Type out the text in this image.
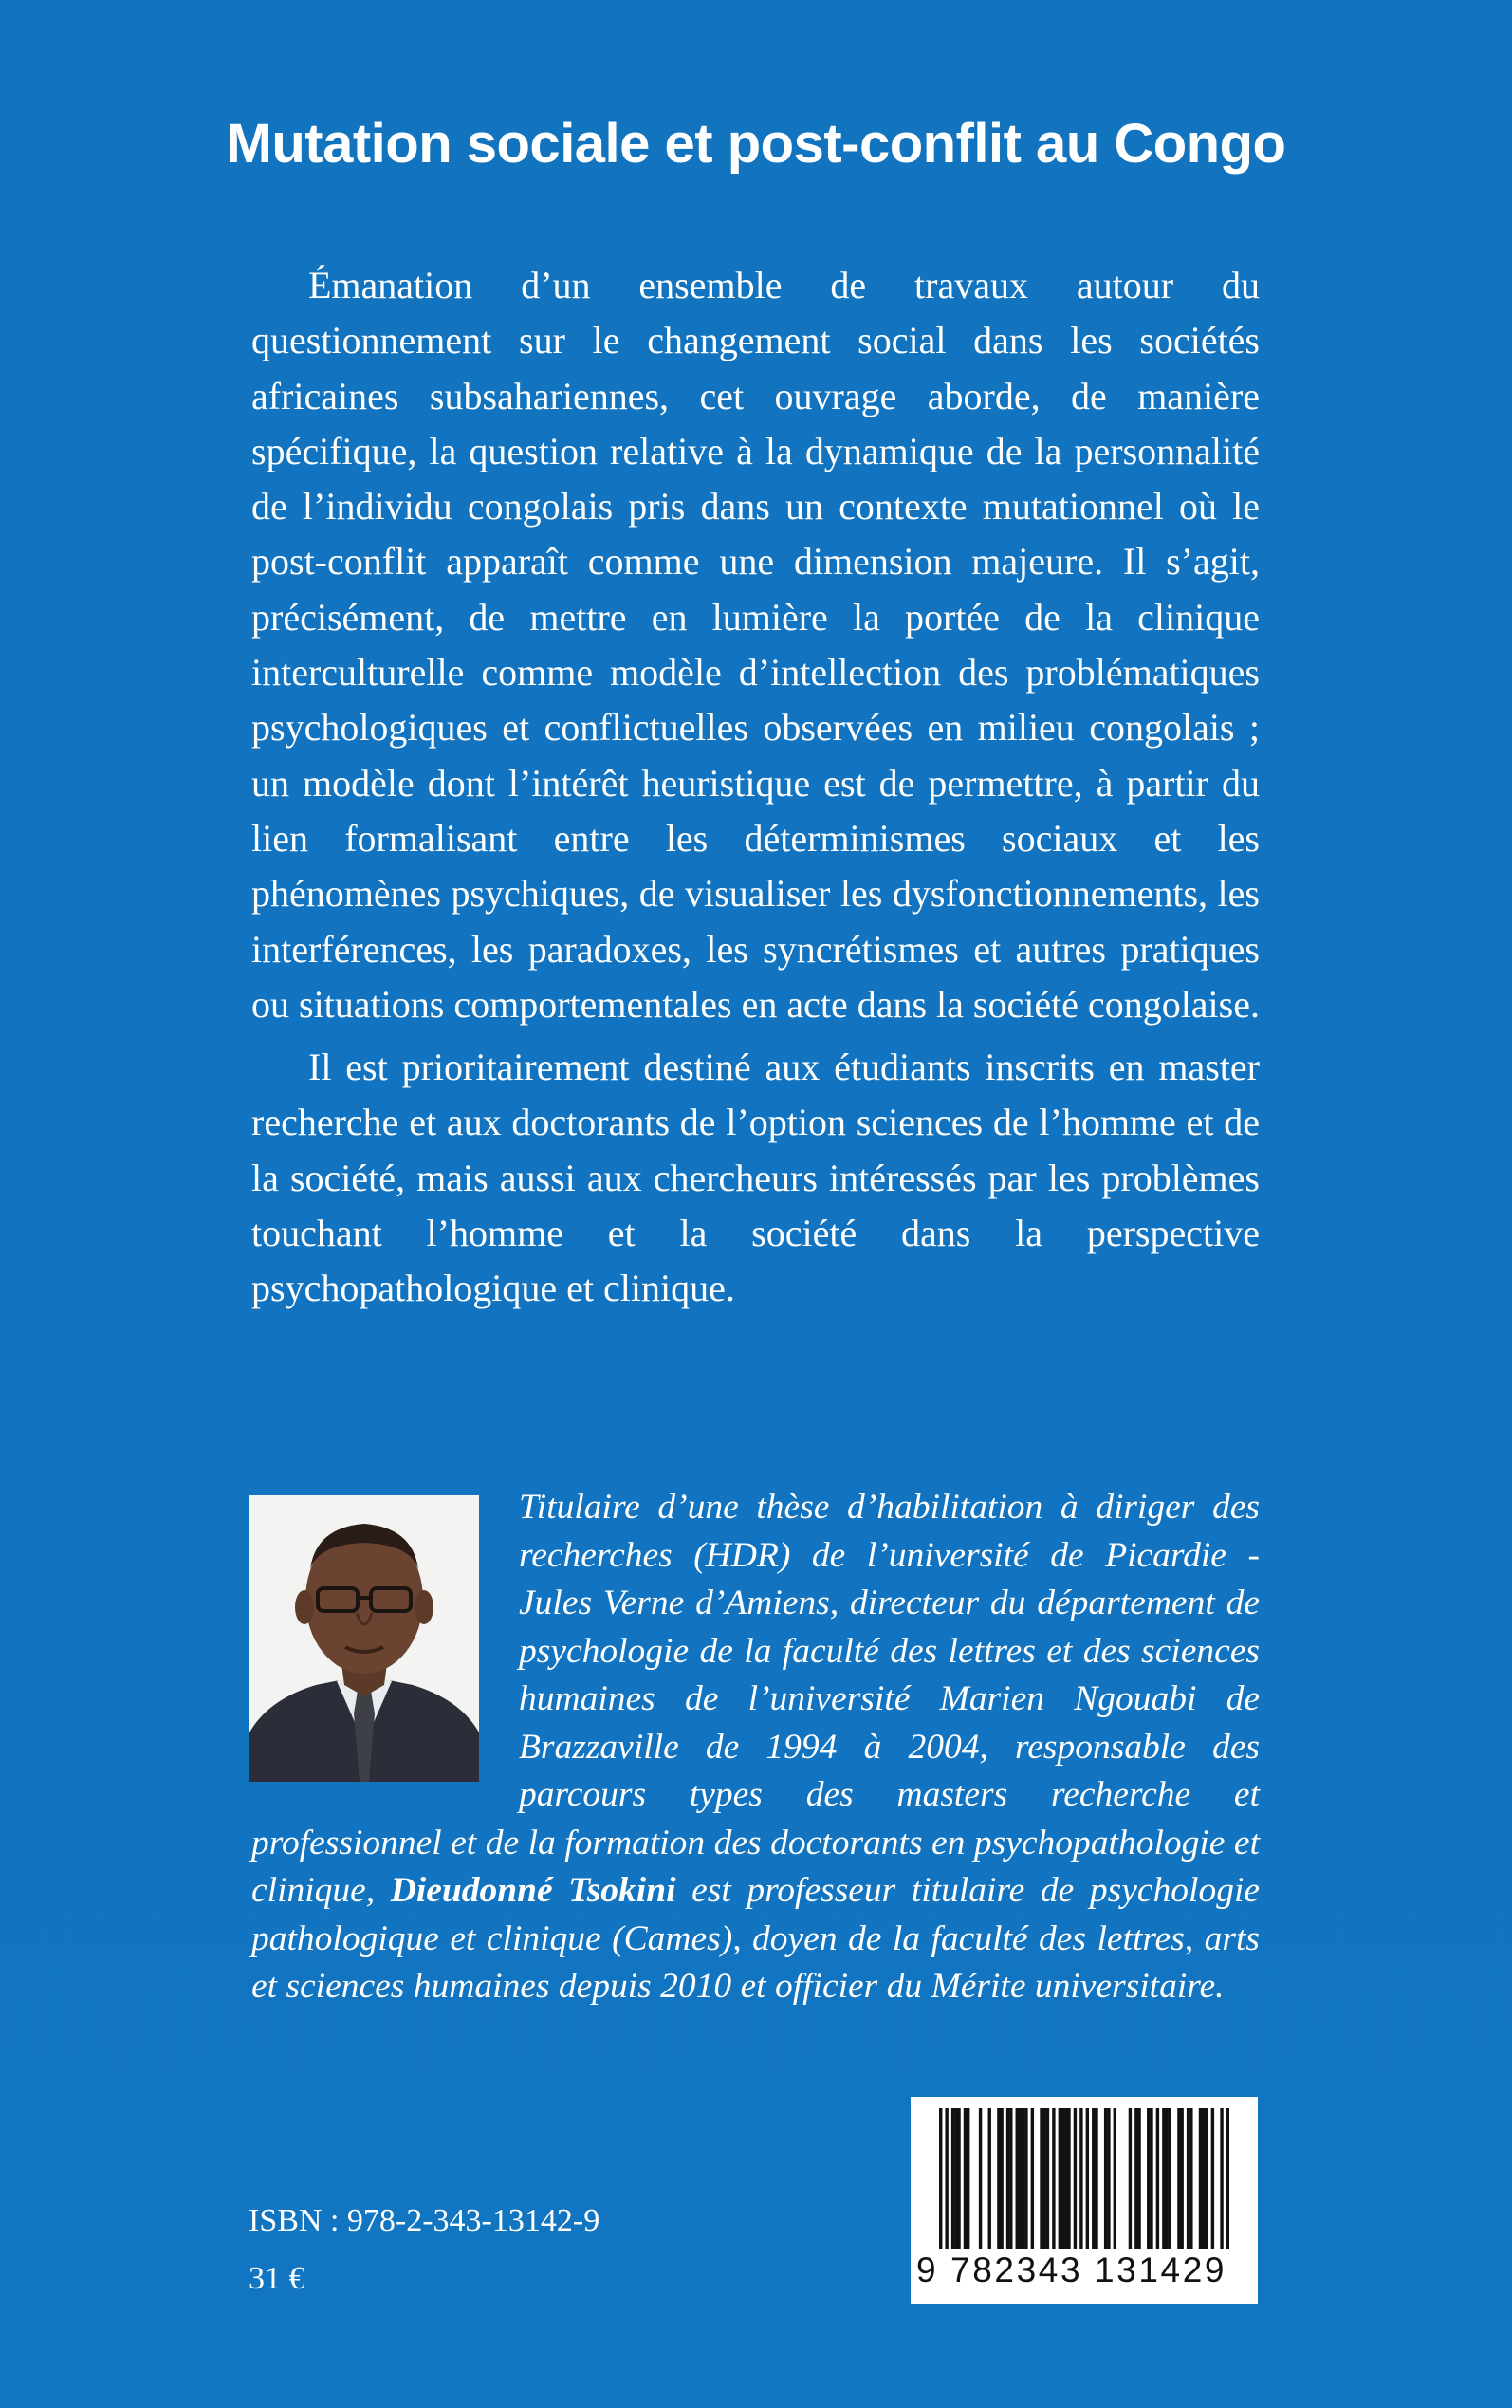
Mutation sociale et post-conflit au Congo

Émanation d’un ensemble de travaux autour du questionnement sur le changement social dans les sociétés africaines subsahariennes, cet ouvrage aborde, de manière spécifique, la question relative à la dynamique de la personnalité de l’individu congolais pris dans un contexte mutationnel où le post-conflit apparaît comme une dimension majeure. Il s’agit, précisément, de mettre en lumière la portée de la clinique interculturelle comme modèle d’intellection des problématiques psychologiques et conflictuelles observées en milieu congolais ; un modèle dont l’intérêt heuristique est de permettre, à partir du lien formalisant entre les déterminismes sociaux et les phénomènes psychiques, de visualiser les dysfonctionnements, les interférences, les paradoxes, les syncrétismes et autres pratiques ou situations comportementales en acte dans la société congolaise.

Il est prioritairement destiné aux étudiants inscrits en master recherche et aux doctorants de l’option sciences de l’homme et de la société, mais aussi aux chercheurs intéressés par les problèmes touchant l’homme et la société dans la perspective psychopathologique et clinique.

Titulaire d’une thèse d’habilitation à diriger des recherches (HDR) de l’université de Picardie - Jules Verne d’Amiens, directeur du département de psychologie de la faculté des lettres et des sciences humaines de l’université Marien Ngouabi de Brazzaville de 1994 à 2004, responsable des parcours types des masters recherche et professionnel et de la formation des doctorants en psychopathologie et clinique, Dieudonné Tsokini est professeur titulaire de psychologie pathologique et clinique (Cames), doyen de la faculté des lettres, arts et sciences humaines depuis 2010 et officier du Mérite universitaire.

ISBN : 978-2-343-13142-9

31 €	9 782343 131429
